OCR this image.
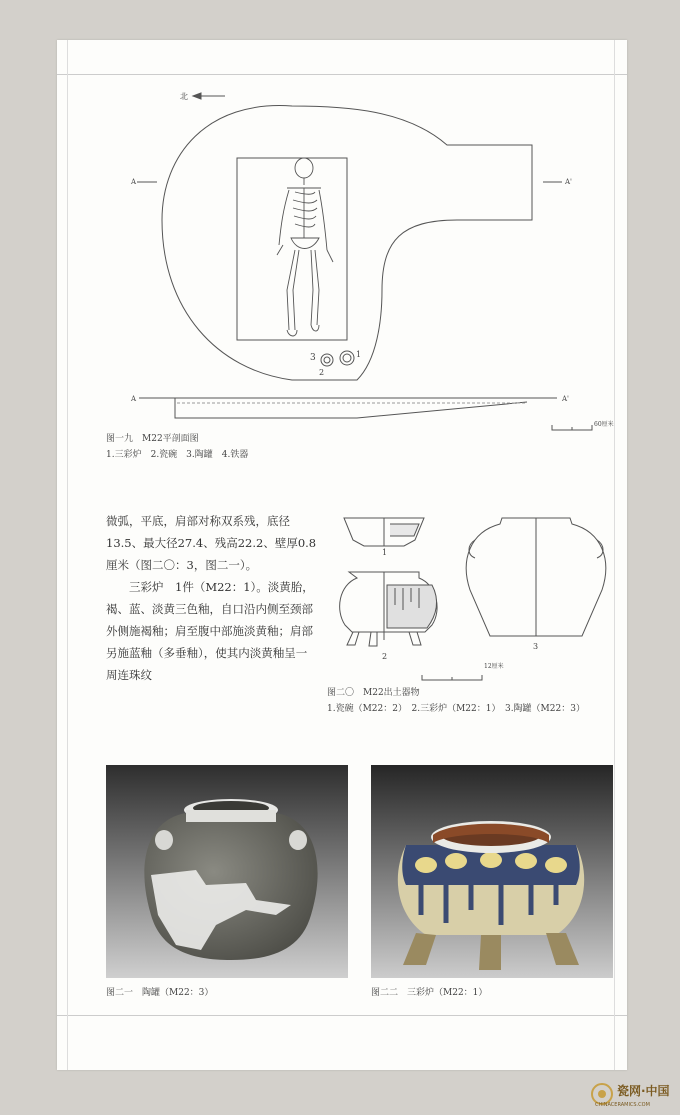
北
A	A'
A	A'
3
2
1
60厘米
图一九　M22平剖面图
1.三彩炉　2.瓷碗　3.陶罐　4.铁器

微弧，平底，肩部对称双系残，底径13.5、最大径27.4、残高22.2、壁厚0.8厘米（图二〇：3，图二一）。

　　三彩炉　1件（M22：1）。淡黄胎，褐、蓝、淡黄三色釉，自口沿内侧至颈部外侧施褐釉；肩至腹中部施淡黄釉；肩部另施蓝釉（多垂釉），使其内淡黄釉呈一周连珠纹

1
2
3
12厘米
图二〇　M22出土器物
1.瓷碗（M22：2）　2.三彩炉（M22：1）　3.陶罐（M22：3）
图二一　陶罐（M22：3）	图二二　三彩炉（M22：1）
瓷网·中国
CHINACERAMICS.COM
